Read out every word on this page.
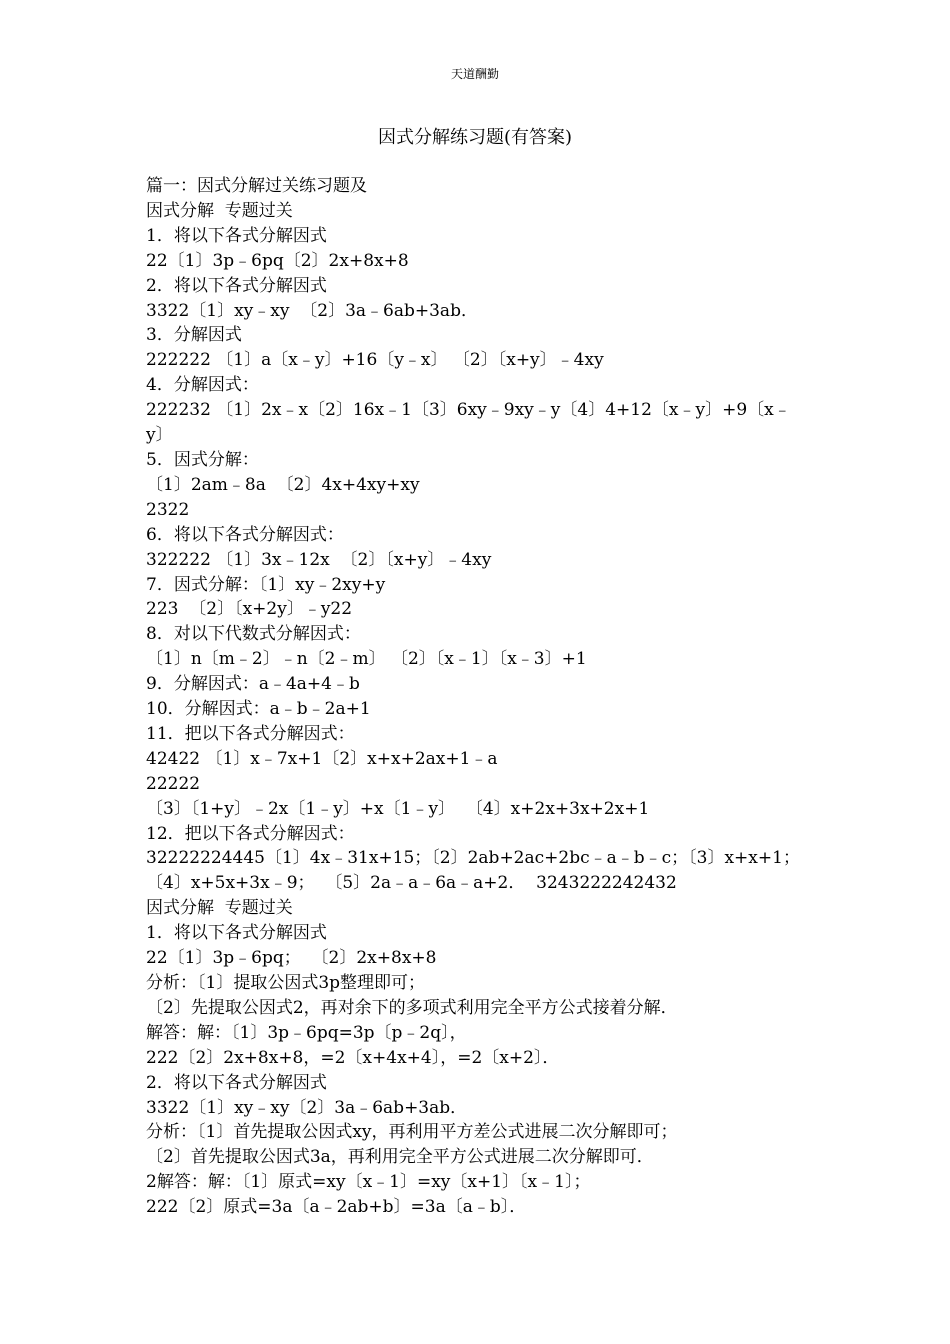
天道酬勤
因式分解练习题(有答案)

篇一：因式分解过关练习题及

因式分解  专题过关

1．将以下各式分解因式

22〔1〕3p﹣6pq〔2〕2x+8x+8

2．将以下各式分解因式

3322〔1〕xy﹣xy  〔2〕3a﹣6ab+3ab．

3．分解因式

222222 〔1〕a〔x﹣y〕+16〔y﹣x〕 〔2〕〔x+y〕﹣4xy

4．分解因式：

222232 〔1〕2x﹣x〔2〕16x﹣1〔3〕6xy﹣9xy﹣y〔4〕4+12〔x﹣y〕+9〔x﹣

y〕

5．因式分解：

〔1〕2am﹣8a  〔2〕4x+4xy+xy

2322

6．将以下各式分解因式：

322222 〔1〕3x﹣12x  〔2〕〔x+y〕﹣4xy

7．因式分解：〔1〕xy﹣2xy+y

223  〔2〕〔x+2y〕﹣y22

8．对以下代数式分解因式：

〔1〕n〔m﹣2〕﹣n〔2﹣m〕 〔2〕〔x﹣1〕〔x﹣3〕+1

9．分解因式：a﹣4a+4﹣b

10．分解因式：a﹣b﹣2a+1

11．把以下各式分解因式：

42422 〔1〕x﹣7x+1〔2〕x+x+2ax+1﹣a

22222

〔3〕〔1+y〕﹣2x〔1﹣y〕+x〔1﹣y〕  〔4〕x+2x+3x+2x+1

12．把以下各式分解因式：

32222224445〔1〕4x﹣31x+15；〔2〕2ab+2ac+2bc﹣a﹣b﹣c；〔3〕x+x+1；

〔4〕x+5x+3x﹣9；  〔5〕2a﹣a﹣6a﹣a+2．  3243222242432

因式分解  专题过关

1．将以下各式分解因式

22〔1〕3p﹣6pq；  〔2〕2x+8x+8

分析：〔1〕提取公因式3p整理即可；

〔2〕先提取公因式2，再对余下的多项式利用完全平方公式接着分解．

解答：解：〔1〕3p﹣6pq=3p〔p﹣2q〕，

222〔2〕2x+8x+8，=2〔x+4x+4〕，=2〔x+2〕．

2．将以下各式分解因式

3322〔1〕xy﹣xy〔2〕3a﹣6ab+3ab．

分析：〔1〕首先提取公因式xy，再利用平方差公式进展二次分解即可；

〔2〕首先提取公因式3a，再利用完全平方公式进展二次分解即可．

2解答：解：〔1〕原式=xy〔x﹣1〕=xy〔x+1〕〔x﹣1〕；

222〔2〕原式=3a〔a﹣2ab+b〕=3a〔a﹣b〕．
